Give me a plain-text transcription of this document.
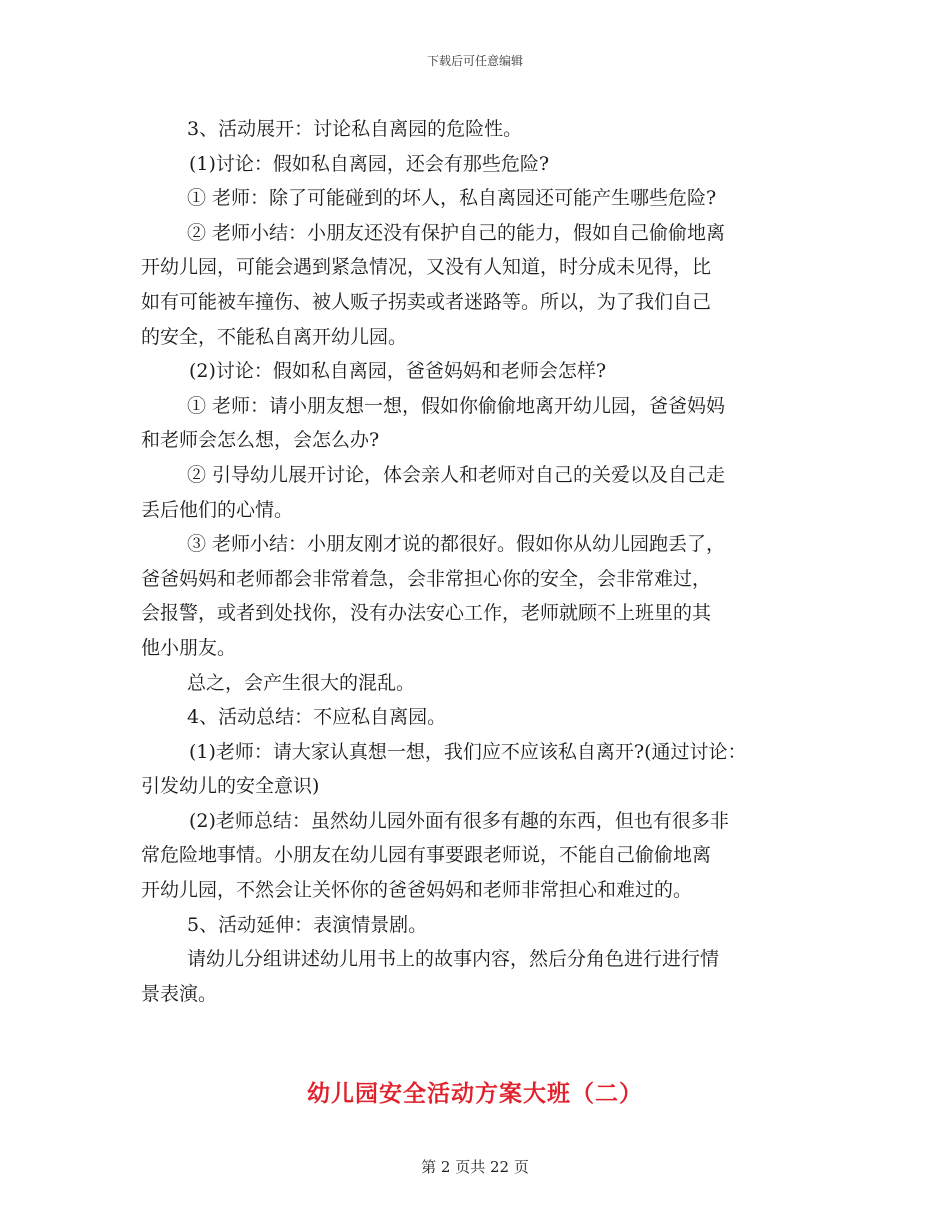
下载后可任意编辑
3、活动展开：讨论私自离园的危险性。
(1)讨论：假如私自离园，还会有那些危险?
① 老师：除了可能碰到的坏人，私自离园还可能产生哪些危险?
② 老师小结：小朋友还没有保护自己的能力，假如自己偷偷地离
开幼儿园，可能会遇到紧急情况，又没有人知道，时分成未见得，比
如有可能被车撞伤、被人贩子拐卖或者迷路等。所以，为了我们自己
的安全，不能私自离开幼儿园。
(2)讨论：假如私自离园，爸爸妈妈和老师会怎样?
① 老师：请小朋友想一想，假如你偷偷地离开幼儿园，爸爸妈妈
和老师会怎么想，会怎么办?
② 引导幼儿展开讨论，体会亲人和老师对自己的关爱以及自己走
丢后他们的心情。
③ 老师小结：小朋友刚才说的都很好。假如你从幼儿园跑丢了，
爸爸妈妈和老师都会非常着急，会非常担心你的安全，会非常难过，
会报警，或者到处找你，没有办法安心工作，老师就顾不上班里的其
他小朋友。
总之，会产生很大的混乱。
4、活动总结：不应私自离园。
(1)老师：请大家认真想一想，我们应不应该私自离开?(通过讨论：
引发幼儿的安全意识)
(2)老师总结：虽然幼儿园外面有很多有趣的东西，但也有很多非
常危险地事情。小朋友在幼儿园有事要跟老师说，不能自己偷偷地离
开幼儿园，不然会让关怀你的爸爸妈妈和老师非常担心和难过的。
5、活动延伸：表演情景剧。
请幼儿分组讲述幼儿用书上的故事内容，然后分角色进行进行情
景表演。
幼儿园安全活动方案大班（二）
第 2 页共 22 页
